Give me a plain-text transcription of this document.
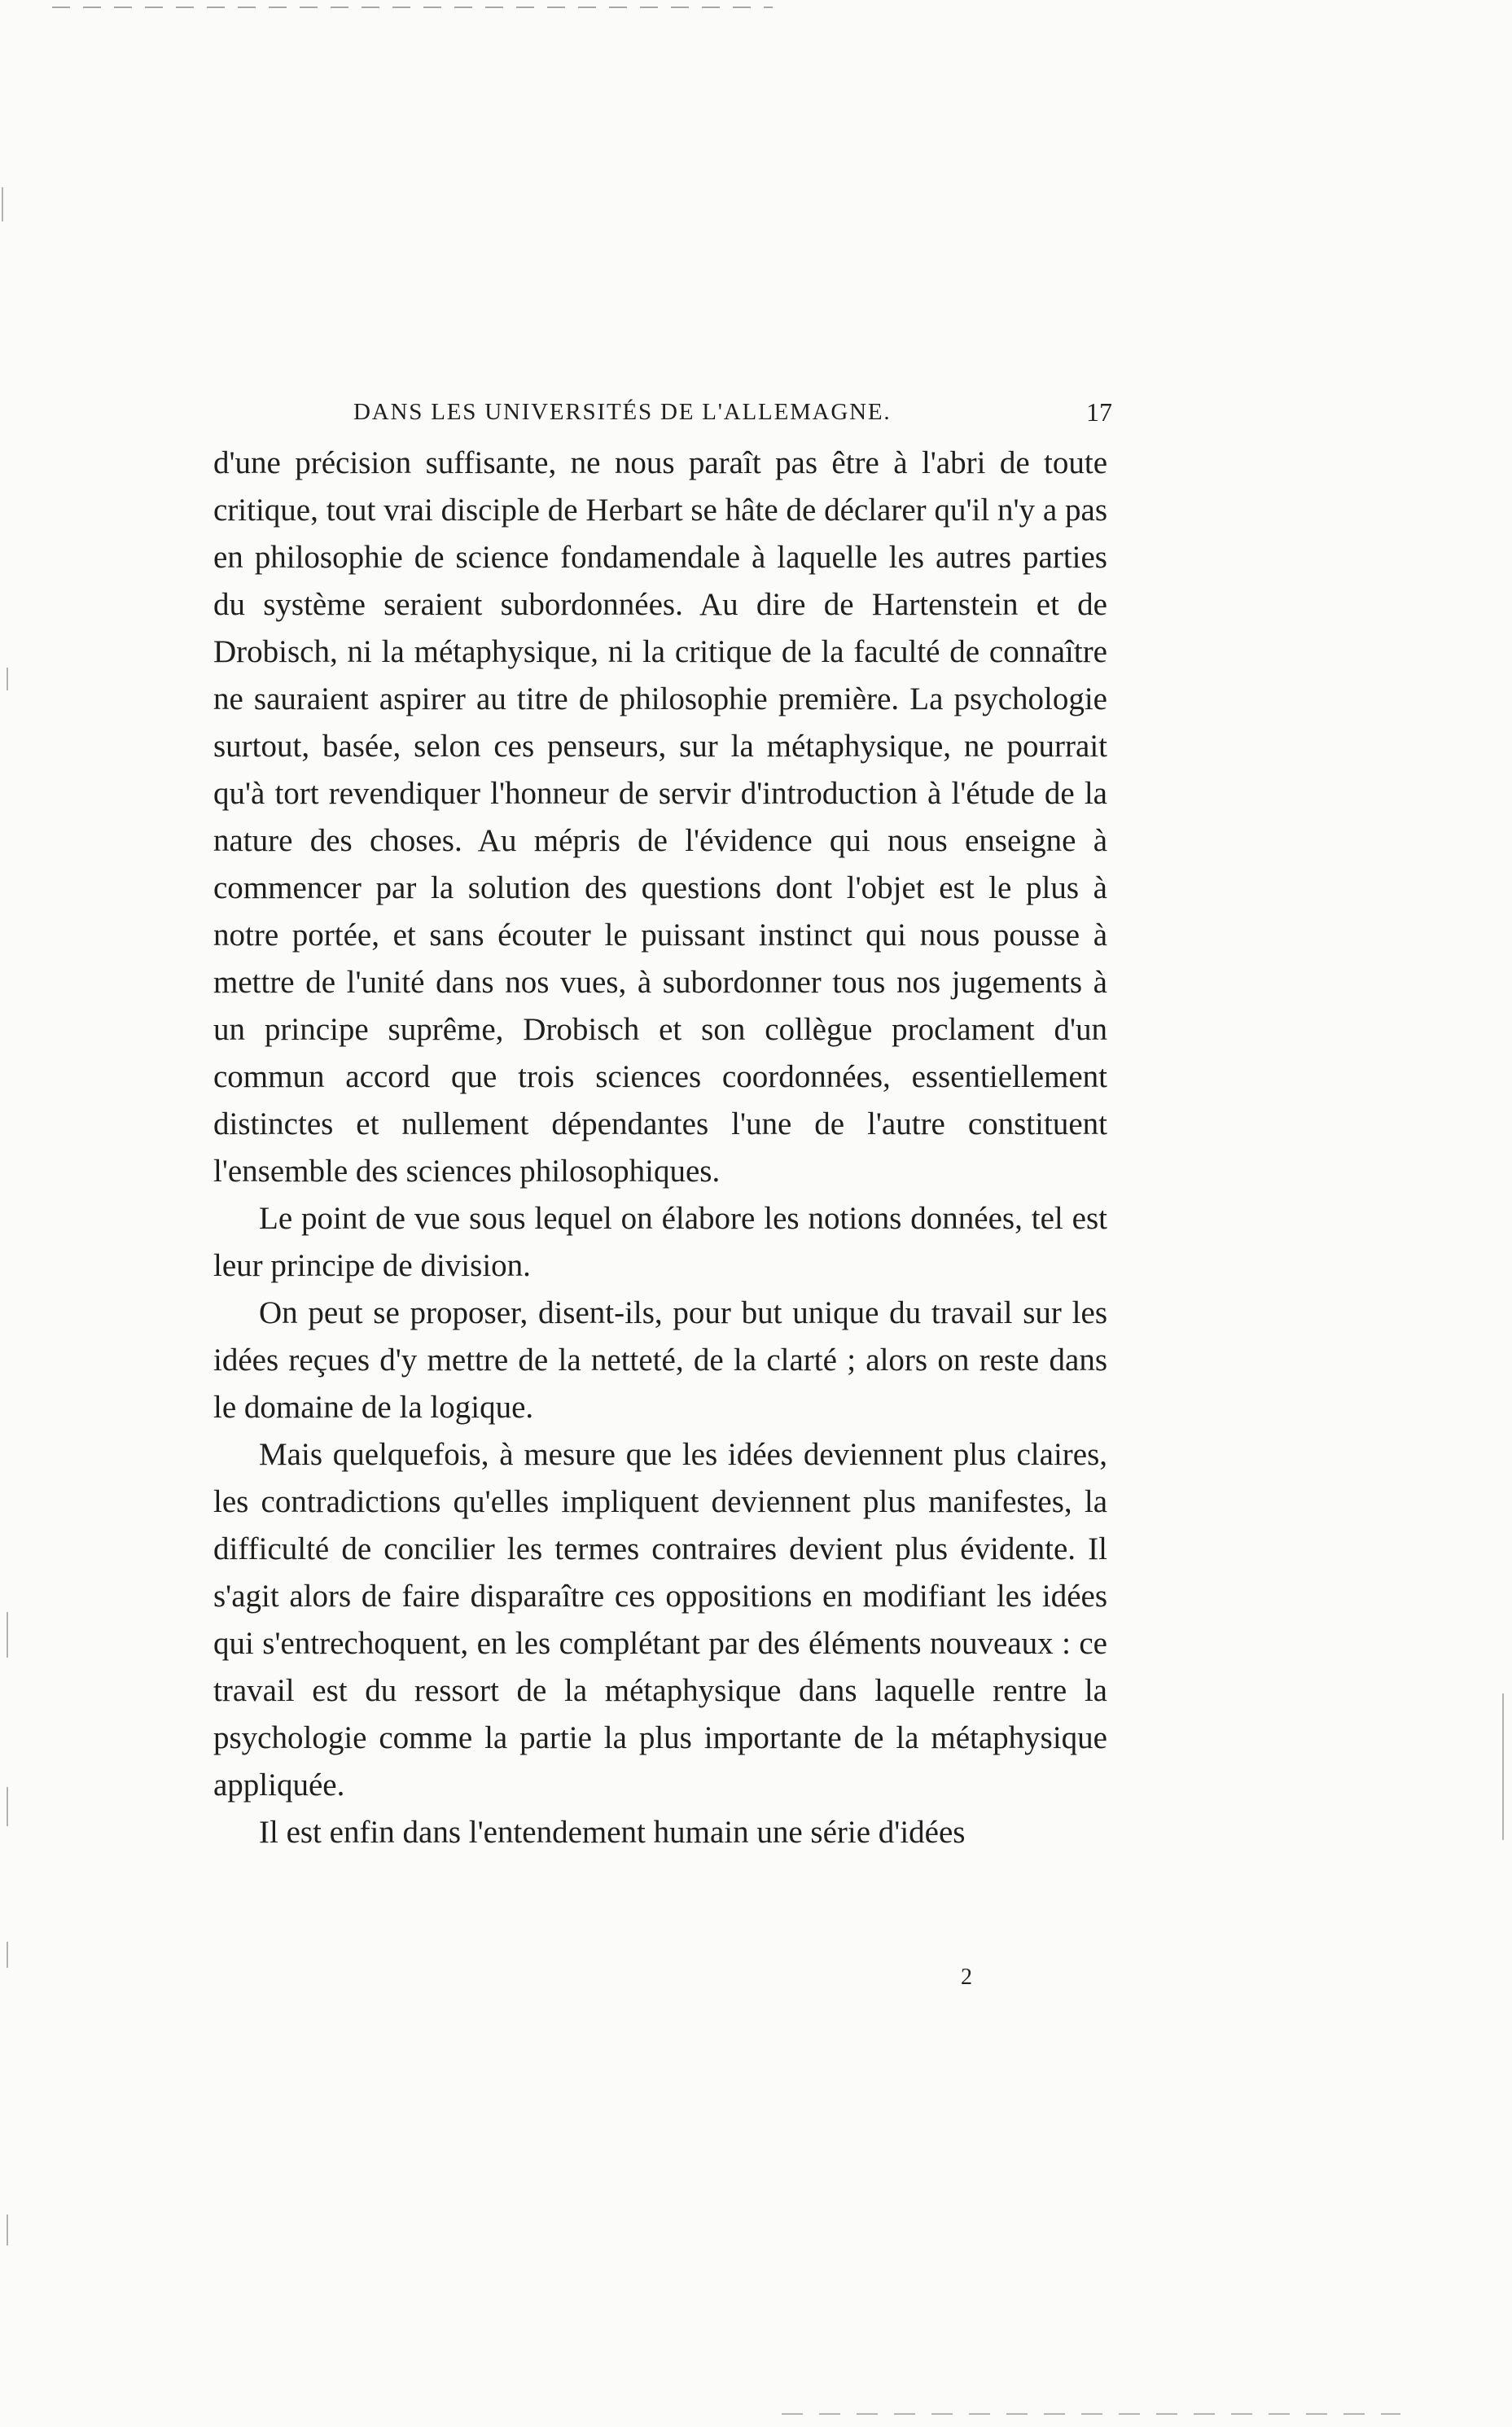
DANS LES UNIVERSITÉS DE L'ALLEMAGNE.	17

d'une précision suffisante, ne nous paraît pas être à l'abri de toute critique, tout vrai disciple de Herbart se hâte de déclarer qu'il n'y a pas en philosophie de science fondamendale à laquelle les autres parties du système seraient subordonnées. Au dire de Hartenstein et de Drobisch, ni la métaphysique, ni la critique de la faculté de connaître ne sauraient aspirer au titre de philosophie première. La psychologie surtout, basée, selon ces penseurs, sur la métaphysique, ne pourrait qu'à tort revendiquer l'honneur de servir d'introduction à l'étude de la nature des choses. Au mépris de l'évidence qui nous enseigne à commencer par la solution des questions dont l'objet est le plus à notre portée, et sans écouter le puissant instinct qui nous pousse à mettre de l'unité dans nos vues, à subordonner tous nos jugements à un principe suprême, Drobisch et son collègue proclament d'un commun accord que trois sciences coordonnées, essentiellement distinctes et nullement dépendantes l'une de l'autre constituent l'ensemble des sciences philosophiques.

Le point de vue sous lequel on élabore les notions données, tel est leur principe de division.

On peut se proposer, disent-ils, pour but unique du travail sur les idées reçues d'y mettre de la netteté, de la clarté ; alors on reste dans le domaine de la logique.

Mais quelquefois, à mesure que les idées deviennent plus claires, les contradictions qu'elles impliquent deviennent plus manifestes, la difficulté de concilier les termes contraires devient plus évidente. Il s'agit alors de faire disparaître ces oppositions en modifiant les idées qui s'entrechoquent, en les complétant par des éléments nouveaux : ce travail est du ressort de la métaphysique dans laquelle rentre la psychologie comme la partie la plus importante de la métaphysique appliquée.

Il est enfin dans l'entendement humain une série d'idées

2
